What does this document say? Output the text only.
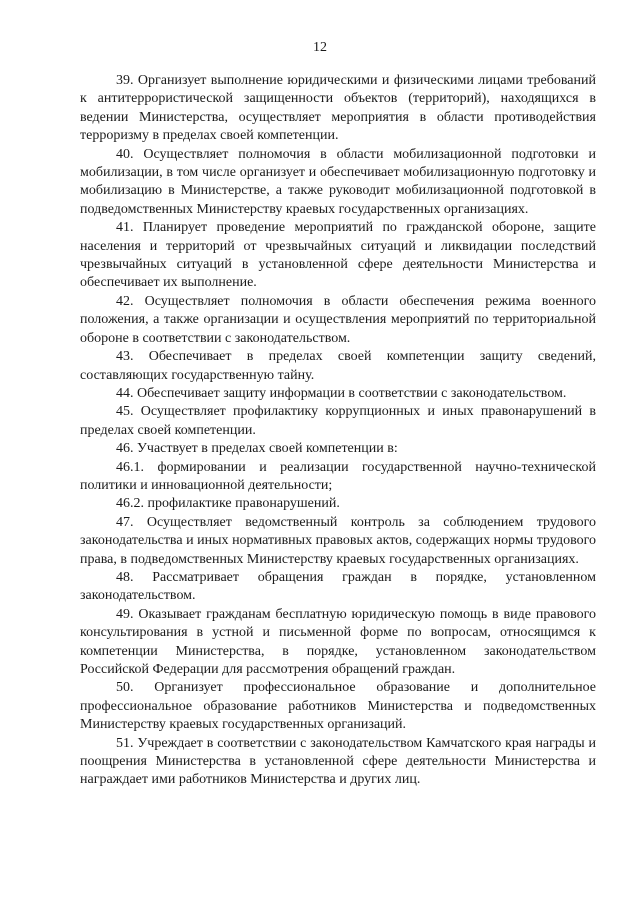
12

39. Организует выполнение юридическими и физическими лицами требований к антитеррористической защищенности объектов (территорий), находящихся в ведении Министерства, осуществляет мероприятия в области противодействия терроризму в пределах своей компетенции.

40. Осуществляет полномочия в области мобилизационной подготовки и мобилизации, в том числе организует и обеспечивает мобилизационную подготовку и мобилизацию в Министерстве, а также руководит мобилизационной подготовкой в подведомственных Министерству краевых государственных организациях.

41. Планирует проведение мероприятий по гражданской обороне, защите населения и территорий от чрезвычайных ситуаций и ликвидации последствий чрезвычайных ситуаций в установленной сфере деятельности Министерства и обеспечивает их выполнение.

42. Осуществляет полномочия в области обеспечения режима военного положения, а также организации и осуществления мероприятий по территориальной обороне в соответствии с законодательством.

43. Обеспечивает в пределах своей компетенции защиту сведений, составляющих государственную тайну.

44. Обеспечивает защиту информации в соответствии с законодательством.

45. Осуществляет профилактику коррупционных и иных правонарушений в пределах своей компетенции.

46. Участвует в пределах своей компетенции в:

46.1. формировании и реализации государственной научно-технической политики и инновационной деятельности;

46.2. профилактике правонарушений.

47. Осуществляет ведомственный контроль за соблюдением трудового законодательства и иных нормативных правовых актов, содержащих нормы трудового права, в подведомственных Министерству краевых государственных организациях.

48. Рассматривает обращения граждан в порядке, установленном законодательством.

49. Оказывает гражданам бесплатную юридическую помощь в виде правового консультирования в устной и письменной форме по вопросам, относящимся к компетенции Министерства, в порядке, установленном законодательством Российской Федерации для рассмотрения обращений граждан.

50. Организует профессиональное образование и дополнительное профессиональное образование работников Министерства и подведомственных Министерству краевых государственных организаций.

51. Учреждает в соответствии с законодательством Камчатского края награды и поощрения Министерства в установленной сфере деятельности Министерства и награждает ими работников Министерства и других лиц.
